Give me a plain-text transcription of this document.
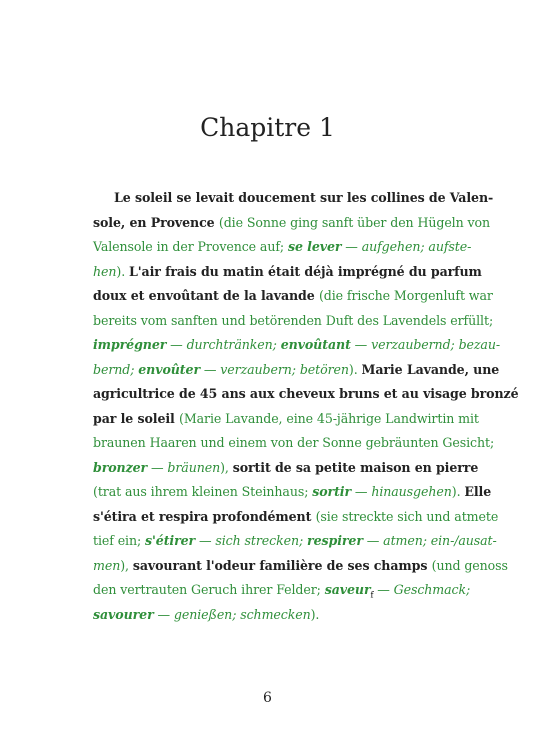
Chapitre 1
Le soleil se levait doucement sur les collines de Valen-
sole, en Provence (die Sonne ging sanft über den Hügeln von
Valensole in der Provence auf; se lever — aufgehen; aufste-
hen). L'air frais du matin était déjà imprégné du parfum
doux et envoûtant de la lavande (die frische Morgenluft war
bereits vom sanften und betörenden Duft des Lavendels erfüllt;
imprégner — durchtränken; envoûtant — verzaubernd; bezau-
bernd; envoûter — verzaubern; betören). Marie Lavande, une
agricultrice de 45 ans aux cheveux bruns et au visage bronzé
par le soleil (Marie Lavande, eine 45-jährige Landwirtin mit
braunen Haaren und einem von der Sonne gebräunten Gesicht;
bronzer — bräunen), sortit de sa petite maison en pierre
(trat aus ihrem kleinen Steinhaus; sortir — hinausgehen). Elle
s'étira et respira profondément (sie streckte sich und atmete
tief ein; s'étirer — sich strecken; respirer — atmen; ein-/ausat-
men), savourant l'odeur familière de ses champs (und genoss
den vertrauten Geruch ihrer Felder; saveur$_f$ — Geschmack;
savourer — genießen; schmecken).
6
